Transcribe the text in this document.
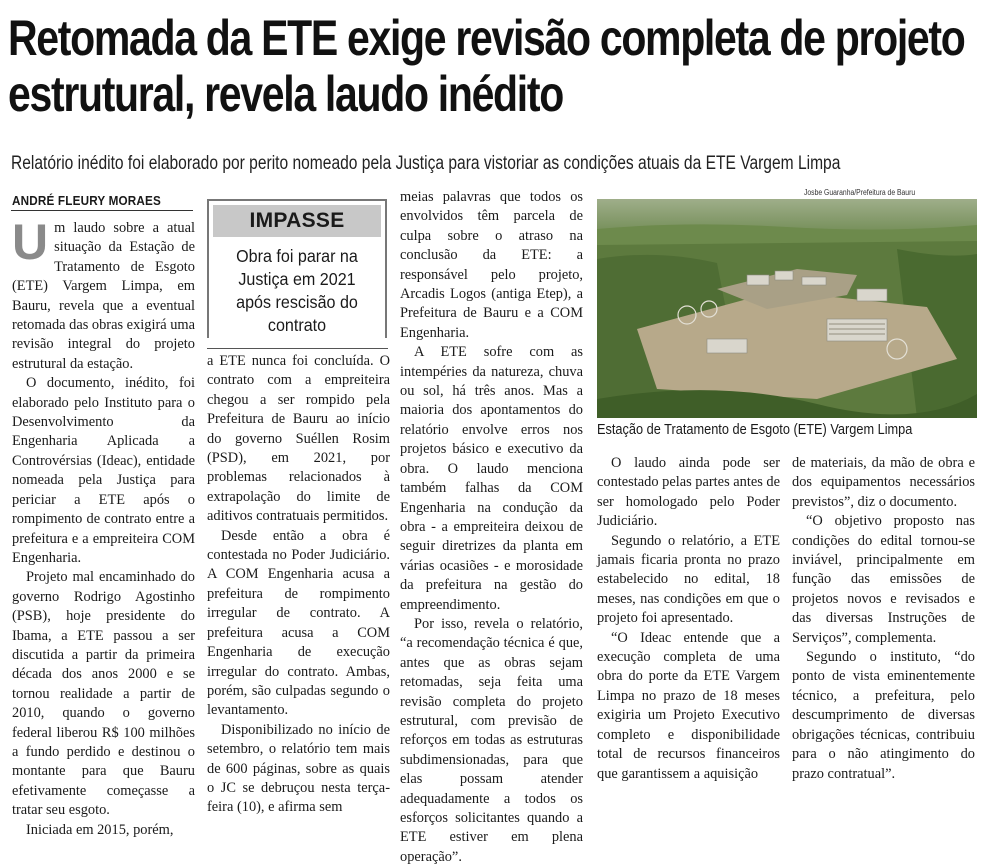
Retomada da ETE exige revisão completa de projeto estrutural, revela laudo inédito
Relatório inédito foi elaborado por perito nomeado pela Justiça para vistoriar as condições atuais da ETE Vargem Limpa
ANDRÉ FLEURY MORAES

Um laudo sobre a atual situação da Estação de Tratamento de Esgoto (ETE) Vargem Limpa, em Bauru, revela que a eventual retomada das obras exigirá uma revisão integral do projeto estrutural da estação.

O documento, inédito, foi elaborado pelo Instituto para o Desenvolvimento da Engenharia Aplicada a Controvérsias (Ideac), entidade nomeada pela Justiça para periciar a ETE após o rompimento de contrato entre a prefeitura e a empreiteira COM Engenharia.

Projeto mal encaminhado do governo Rodrigo Agostinho (PSB), hoje presidente do Ibama, a ETE passou a ser discutida a partir da primeira década dos anos 2000 e se tornou realidade a partir de 2010, quando o governo federal liberou R$ 100 milhões a fundo perdido e destinou o montante para que Bauru efetivamente começasse a tratar seu esgoto.

Iniciada em 2015, porém,

IMPASSE
Obra foi parar na Justiça em 2021 após rescisão do contrato

a ETE nunca foi concluída. O contrato com a empreiteira chegou a ser rompido pela Prefeitura de Bauru ao início do governo Suéllen Rosim (PSD), em 2021, por problemas relacionados à extrapolação do limite de aditivos contratuais permitidos.

Desde então a obra é contestada no Poder Judiciário. A COM Engenharia acusa a prefeitura de rompimento irregular de contrato. A prefeitura acusa a COM Engenharia de execução irregular do contrato. Ambas, porém, são culpadas segundo o levantamento.

Disponibilizado no início de setembro, o relatório tem mais de 600 páginas, sobre as quais o JC se debruçou nesta terça-feira (10), e afirma sem

meias palavras que todos os envolvidos têm parcela de culpa sobre o atraso na conclusão da ETE: a responsável pelo projeto, Arcadis Logos (antiga Etep), a Prefeitura de Bauru e a COM Engenharia.

A ETE sofre com as intempéries da natureza, chuva ou sol, há três anos. Mas a maioria dos apontamentos do relatório envolve erros nos projetos básico e executivo da obra. O laudo menciona também falhas da COM Engenharia na condução da obra - a empreiteira deixou de seguir diretrizes da planta em várias ocasiões - e morosidade da prefeitura na gestão do empreendimento.

Por isso, revela o relatório, “a recomendação técnica é que, antes que as obras sejam retomadas, seja feita uma revisão completa do projeto estrutural, com previsão de reforços em todas as estruturas subdimensionadas, para que elas possam atender adequadamente a todos os esforços solicitantes quando a ETE estiver em plena operação”.

Josbe Guaranha/Prefeitura de Bauru
Estação de Tratamento de Esgoto (ETE) Vargem Limpa

O laudo ainda pode ser contestado pelas partes antes de ser homologado pelo Poder Judiciário.

Segundo o relatório, a ETE jamais ficaria pronta no prazo estabelecido no edital, 18 meses, nas condições em que o projeto foi apresentado.

“O Ideac entende que a execução completa de uma obra do porte da ETE Vargem Limpa no prazo de 18 meses exigiria um Projeto Executivo completo e disponibilidade total de recursos financeiros que garantissem a aquisição

de materiais, da mão de obra e dos equipamentos necessários previstos”, diz o documento.

“O objetivo proposto nas condições do edital tornou-se inviável, principalmente em função das emissões de projetos novos e revisados e das diversas Instruções de Serviços”, complementa.

Segundo o instituto, “do ponto de vista eminentemente técnico, a prefeitura, pelo descumprimento de diversas obrigações técnicas, contribuiu para o não atingimento do prazo contratual”.
